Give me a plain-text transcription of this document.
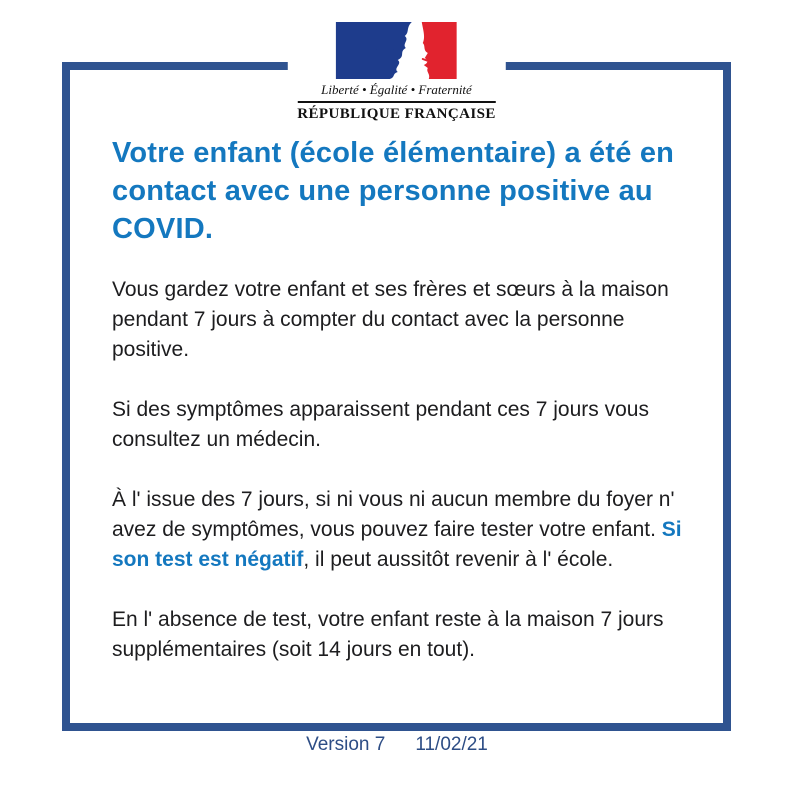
Liberté • Égalité • Fraternité
RÉPUBLIQUE FRANÇAISE
Votre enfant (école élémentaire) a été en contact avec une personne positive au COVID.

Vous gardez votre enfant et ses frères et sœurs à la maison pendant 7 jours à compter du contact avec la personne positive.

Si des symptômes apparaissent pendant ces 7 jours vous consultez un médecin.

À l' issue des 7 jours, si ni vous ni aucun membre du foyer n' avez de symptômes, vous pouvez faire tester votre enfant. Si son test est négatif, il peut aussitôt revenir à l' école.

En l' absence de test, votre enfant reste à la maison 7 jours supplémentaires (soit 14 jours en tout).

Version 7 11/02/21
